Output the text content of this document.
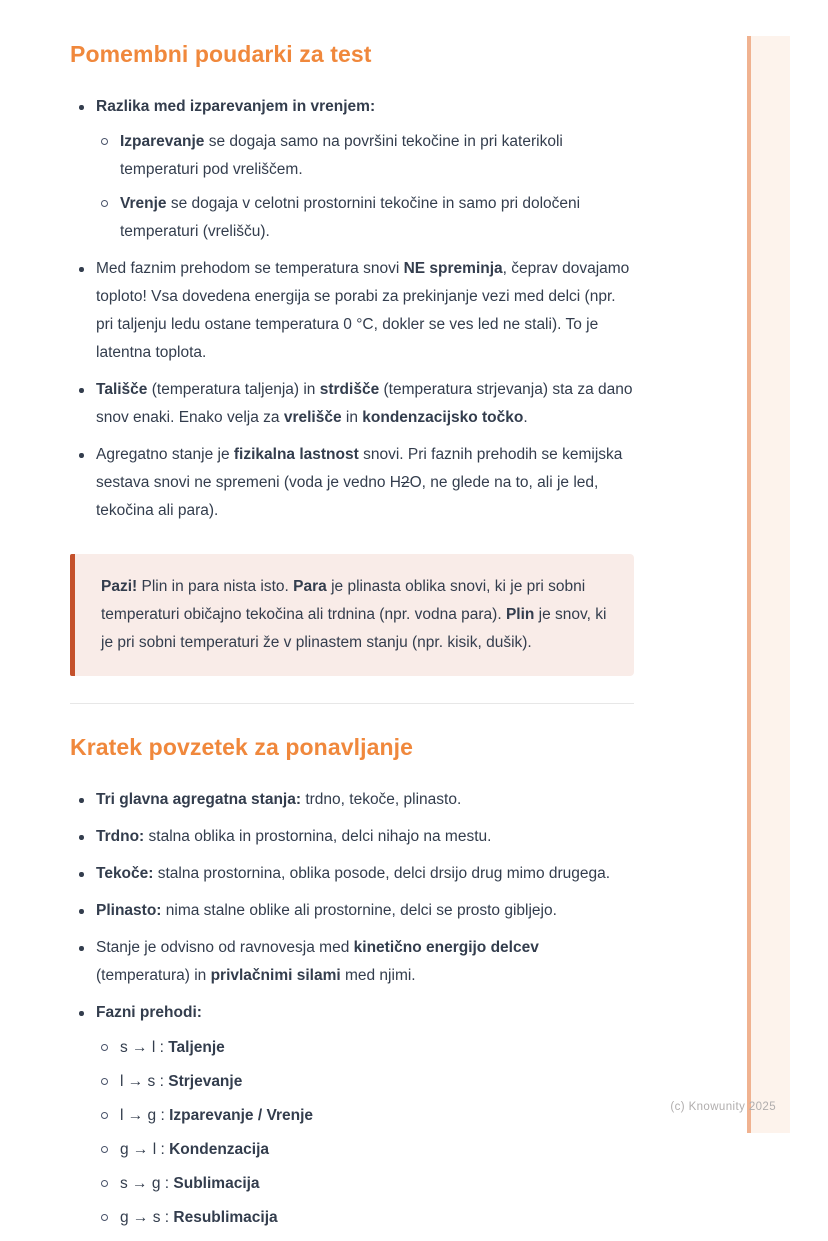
Pomembni poudarki za test
Razlika med izparevanjem in vrenjem:
Izparevanje se dogaja samo na površini tekočine in pri katerikoli temperaturi pod vreliščem.
Vrenje se dogaja v celotni prostornini tekočine in samo pri določeni temperaturi (vrelišču).
Med faznim prehodom se temperatura snovi NE spreminja, čeprav dovajamo toploto! Vsa dovedena energija se porabi za prekinjanje vezi med delci (npr. pri taljenju ledu ostane temperatura 0 °C, dokler se ves led ne stali). To je latentna toplota.
Tališče (temperatura taljenja) in strdišče (temperatura strjevanja) sta za dano snov enaki. Enako velja za vrelišče in kondenzacijsko točko.
Agregatno stanje je fizikalna lastnost snovi. Pri faznih prehodih se kemijska sestava snovi ne spremeni (voda je vedno H2O, ne glede na to, ali je led, tekočina ali para).

Pazi! Plin in para nista isto. Para je plinasta oblika snovi, ki je pri sobni temperaturi običajno tekočina ali trdnina (npr. vodna para). Plin je snov, ki je pri sobni temperaturi že v plinastem stanju (npr. kisik, dušik).

Kratek povzetek za ponavljanje
Tri glavna agregatna stanja: trdno, tekoče, plinasto.
Trdno: stalna oblika in prostornina, delci nihajo na mestu.
Tekoče: stalna prostornina, oblika posode, delci drsijo drug mimo drugega.
Plinasto: nima stalne oblike ali prostornine, delci se prosto gibljejo.
Stanje je odvisno od ravnovesja med kinetično energijo delcev (temperatura) in privlačnimi silami med njimi.
Fazni prehodi:
s → l : Taljenje
l → s : Strjevanje
l → g : Izparevanje / Vrenje
g → l : Kondenzacija
s → g : Sublimacija
g → s : Resublimacija
(c) Knowunity 2025
